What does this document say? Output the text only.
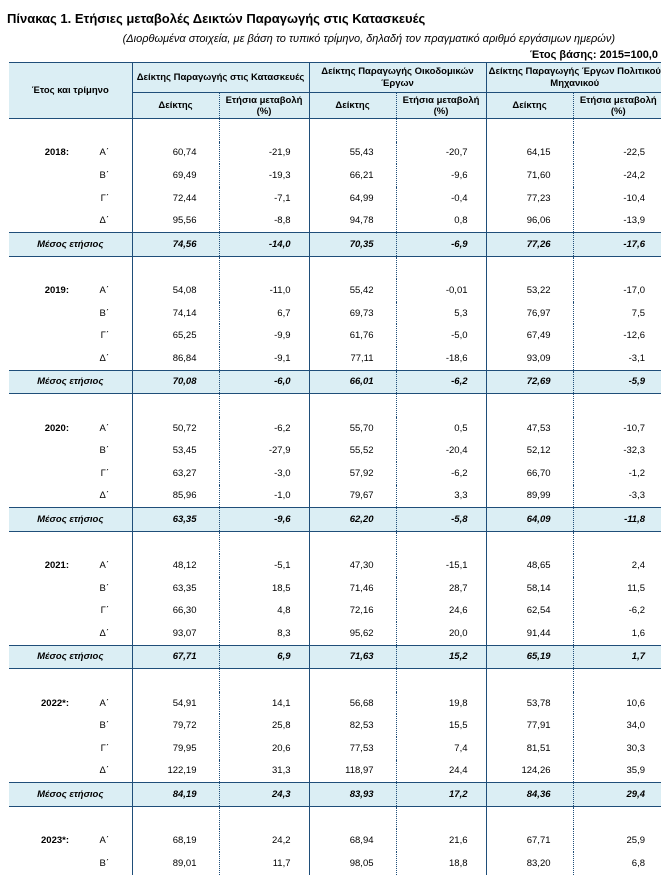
Πίνακας 1. Ετήσιες μεταβολές Δεικτών Παραγωγής στις Κατασκευές
(Διορθωμένα στοιχεία, με βάση το τυπικό τρίμηνο, δηλαδή τον πραγματικό αριθμό εργάσιμων ημερών)
Έτος βάσης: 2015=100,0
Έτος και τρίμηνο	Δείκτης Παραγωγής στις Κατασκευές		Δείκτης Παραγωγής Οικοδομικών Έργων		Δείκτης Παραγωγής Έργων Πολιτικού Μηχανικού	
	Δείκτης	Ετήσια μεταβολή (%)	Δείκτης	Ετήσια μεταβολή (%)	Δείκτης	Ετήσια μεταβολή (%)

2018: Α΄	60,74	-21,9	55,43	-20,7	64,15	-22,5
Β΄	69,49	-19,3	66,21	-9,6	71,60	-24,2
Γ΄	72,44	-7,1	64,99	-0,4	77,23	-10,4
Δ΄	95,56	-8,8	94,78	0,8	96,06	-13,9
Μέσος ετήσιος	74,56	-14,0	70,35	-6,9	77,26	-17,6

2019: Α΄	54,08	-11,0	55,42	-0,01	53,22	-17,0
Β΄	74,14	6,7	69,73	5,3	76,97	7,5
Γ΄	65,25	-9,9	61,76	-5,0	67,49	-12,6
Δ΄	86,84	-9,1	77,11	-18,6	93,09	-3,1
Μέσος ετήσιος	70,08	-6,0	66,01	-6,2	72,69	-5,9

2020: Α΄	50,72	-6,2	55,70	0,5	47,53	-10,7
Β΄	53,45	-27,9	55,52	-20,4	52,12	-32,3
Γ΄	63,27	-3,0	57,92	-6,2	66,70	-1,2
Δ΄	85,96	-1,0	79,67	3,3	89,99	-3,3
Μέσος ετήσιος	63,35	-9,6	62,20	-5,8	64,09	-11,8

2021: Α΄	48,12	-5,1	47,30	-15,1	48,65	2,4
Β΄	63,35	18,5	71,46	28,7	58,14	11,5
Γ΄	66,30	4,8	72,16	24,6	62,54	-6,2
Δ΄	93,07	8,3	95,62	20,0	91,44	1,6
Μέσος ετήσιος	67,71	6,9	71,63	15,2	65,19	1,7

2022*: Α΄	54,91	14,1	56,68	19,8	53,78	10,6
Β΄	79,72	25,8	82,53	15,5	77,91	34,0
Γ΄	79,95	20,6	77,53	7,4	81,51	30,3
Δ΄	122,19	31,3	118,97	24,4	124,26	35,9
Μέσος ετήσιος	84,19	24,3	83,93	17,2	84,36	29,4

2023*: Α΄	68,19	24,2	68,94	21,6	67,71	25,9
Β΄	89,01	11,7	98,05	18,8	83,20	6,8
